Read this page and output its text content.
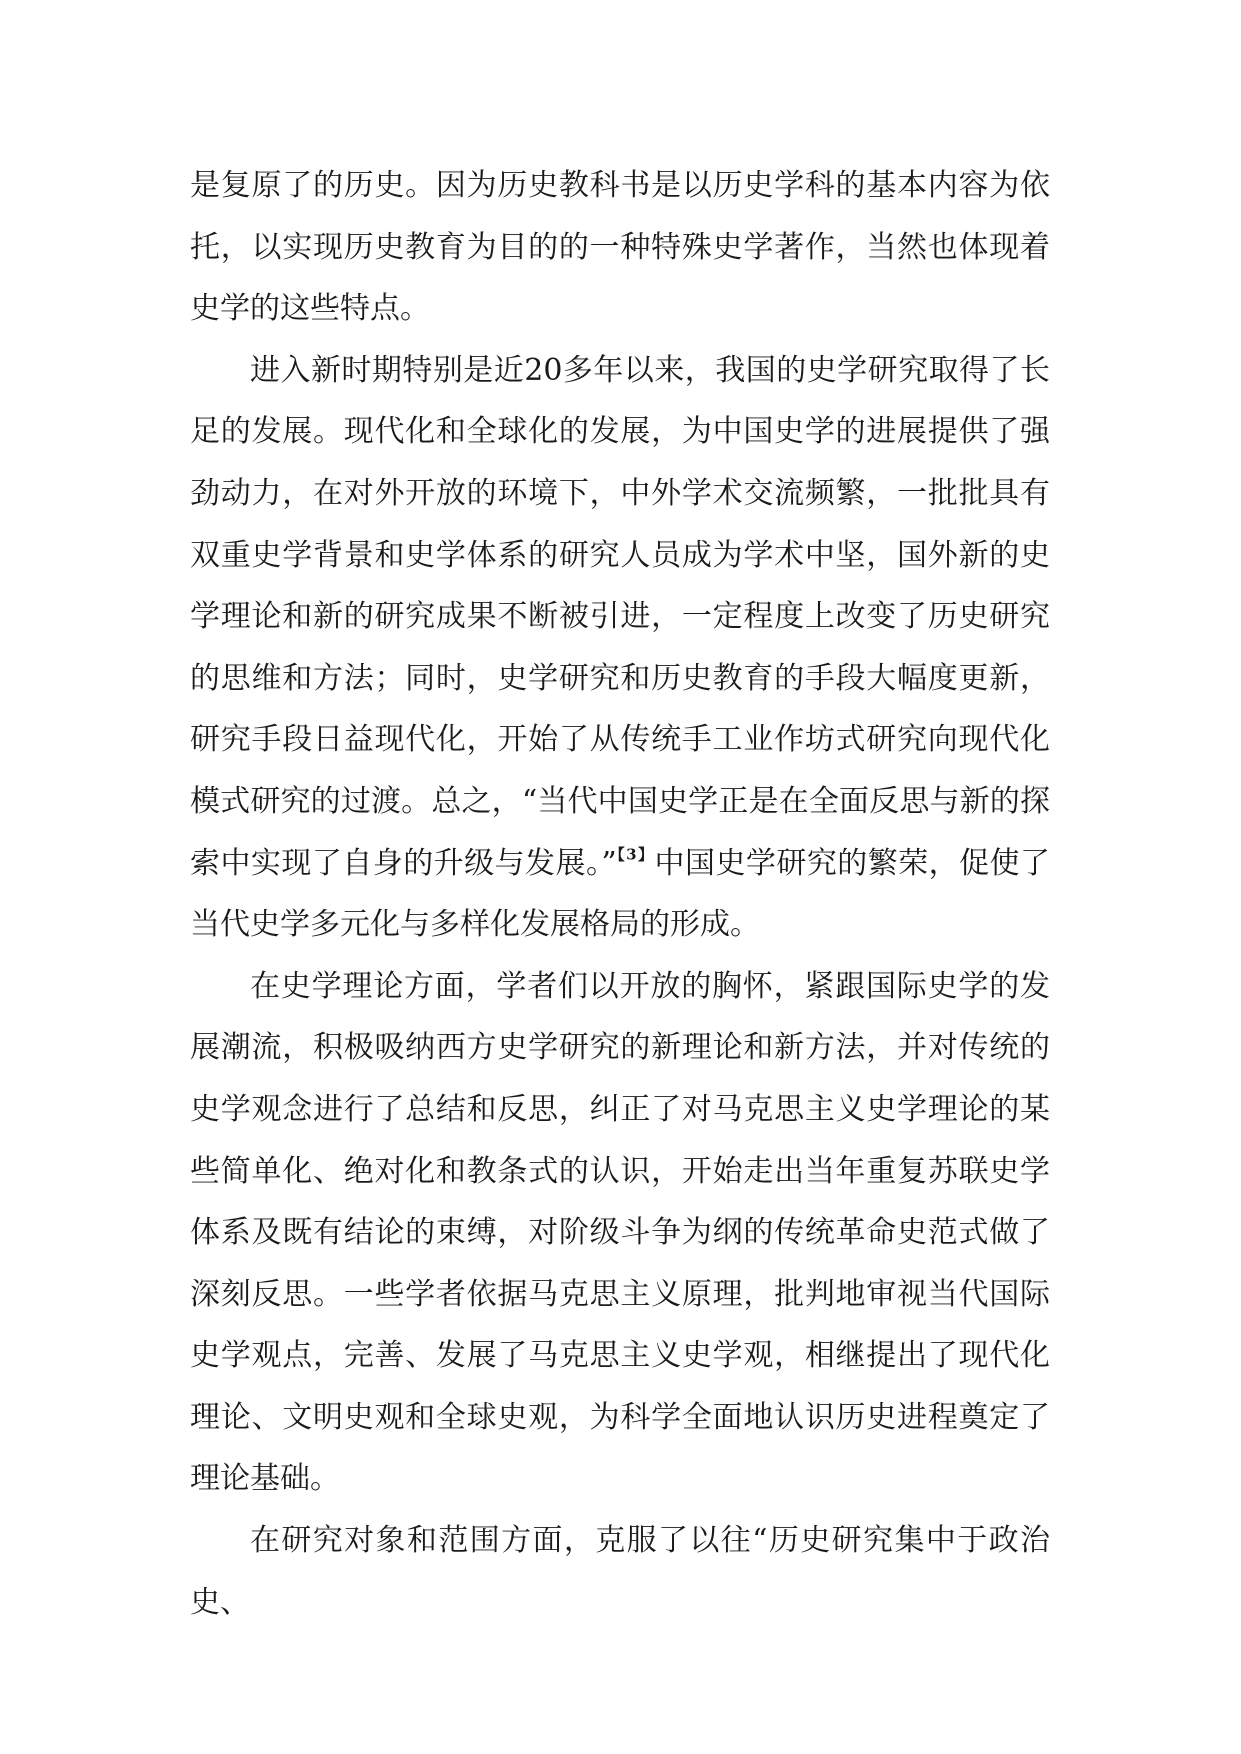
是复原了的历史。因为历史教科书是以历史学科的基本内容为依托，以实现历史教育为目的的一种特殊史学著作，当然也体现着史学的这些特点。

进入新时期特别是近20多年以来，我国的史学研究取得了长足的发展。现代化和全球化的发展，为中国史学的进展提供了强劲动力，在对外开放的环境下，中外学术交流频繁，一批批具有双重史学背景和史学体系的研究人员成为学术中坚，国外新的史学理论和新的研究成果不断被引进，一定程度上改变了历史研究的思维和方法；同时，史学研究和历史教育的手段大幅度更新，研究手段日益现代化，开始了从传统手工业作坊式研究向现代化模式研究的过渡。总之，“当代中国史学正是在全面反思与新的探索中实现了自身的升级与发展。”$^{【3】}$中国史学研究的繁荣，促使了当代史学多元化与多样化发展格局的形成。

在史学理论方面，学者们以开放的胸怀，紧跟国际史学的发展潮流，积极吸纳西方史学研究的新理论和新方法，并对传统的史学观念进行了总结和反思，纠正了对马克思主义史学理论的某些简单化、绝对化和教条式的认识，开始走出当年重复苏联史学体系及既有结论的束缚，对阶级斗争为纲的传统革命史范式做了深刻反思。一些学者依据马克思主义原理，批判地审视当代国际史学观点，完善、发展了马克思主义史学观，相继提出了现代化理论、文明史观和全球史观，为科学全面地认识历史进程奠定了理论基础。

在研究对象和范围方面，克服了以往“历史研究集中于政治史、
